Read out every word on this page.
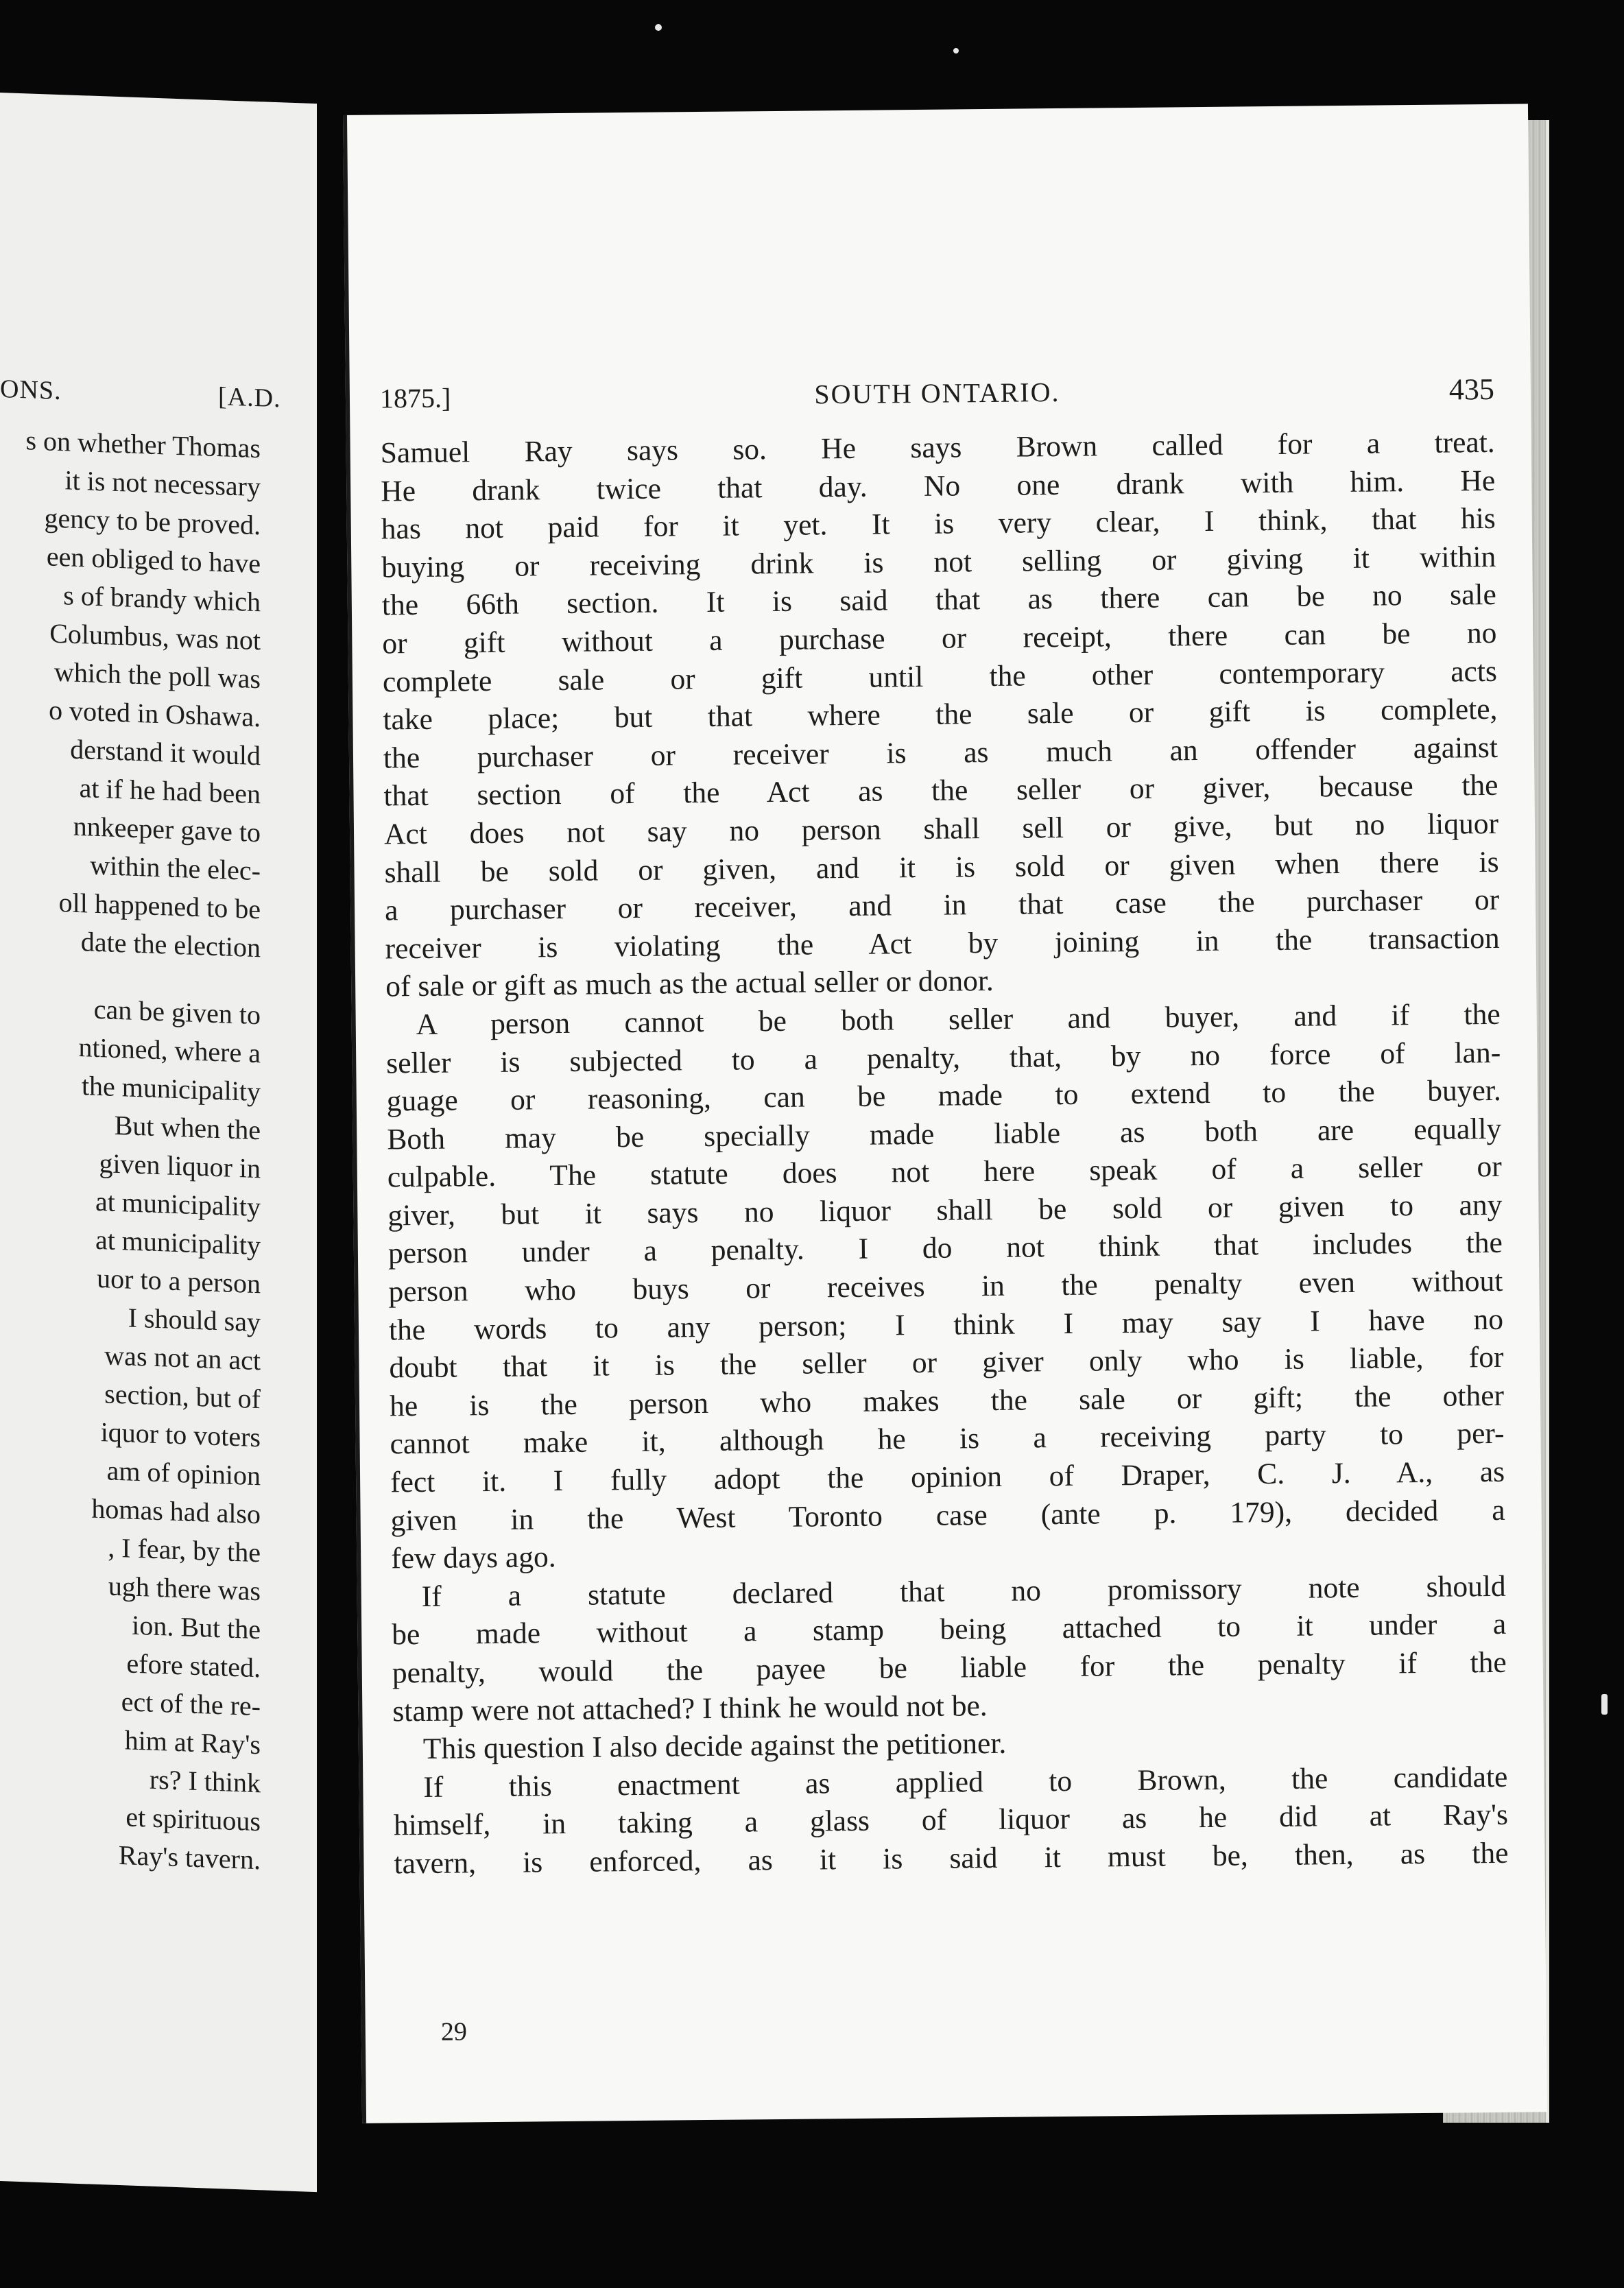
ONS.	[A.D.
s on whether Thomas
it is not necessary
gency to be proved.
een obliged to have
s of brandy which
Columbus, was not
which the poll was
o voted in Oshawa.
derstand it would
at if he had been
nnkeeper gave to
within the elec-
oll happened to be
date the election
can be given to
ntioned, where a
the municipality
But when the
given liquor in
at municipality
at municipality
uor to a person
I should say
was not an act
section, but of
iquor to voters
am of opinion
homas had also
, I fear, by the
ugh there was
ion. But the
efore stated.
ect of the re-
him at Ray's
rs? I think
et spirituous
Ray's tavern.
SOUTH ONTARIO.
1875.]	435
Samuel Ray says so. He says Brown called for a treat.
He drank twice that day. No one drank with him. He
has not paid for it yet. It is very clear, I think, that his
buying or receiving drink is not selling or giving it within
the 66th section. It is said that as there can be no sale
or gift without a purchase or receipt, there can be no
complete sale or gift until the other contemporary acts
take place; but that where the sale or gift is complete,
the purchaser or receiver is as much an offender against
that section of the Act as the seller or giver, because the
Act does not say no person shall sell or give, but no liquor
shall be sold or given, and it is sold or given when there is
a purchaser or receiver, and in that case the purchaser or
receiver is violating the Act by joining in the transaction
of sale or gift as much as the actual seller or donor.
A person cannot be both seller and buyer, and if the
seller is subjected to a penalty, that, by no force of lan-
guage or reasoning, can be made to extend to the buyer.
Both may be specially made liable as both are equally
culpable. The statute does not here speak of a seller or
giver, but it says no liquor shall be sold or given to any
person under a penalty. I do not think that includes the
person who buys or receives in the penalty even without
the words to any person; I think I may say I have no
doubt that it is the seller or giver only who is liable, for
he is the person who makes the sale or gift; the other
cannot make it, although he is a receiving party to per-
fect it. I fully adopt the opinion of Draper, C. J. A., as
given in the West Toronto case (ante p. 179), decided a
few days ago.
If a statute declared that no promissory note should
be made without a stamp being attached to it under a
penalty, would the payee be liable for the penalty if the
stamp were not attached? I think he would not be.
This question I also decide against the petitioner.
If this enactment as applied to Brown, the candidate
himself, in taking a glass of liquor as he did at Ray's
tavern, is enforced, as it is said it must be, then, as the
29
